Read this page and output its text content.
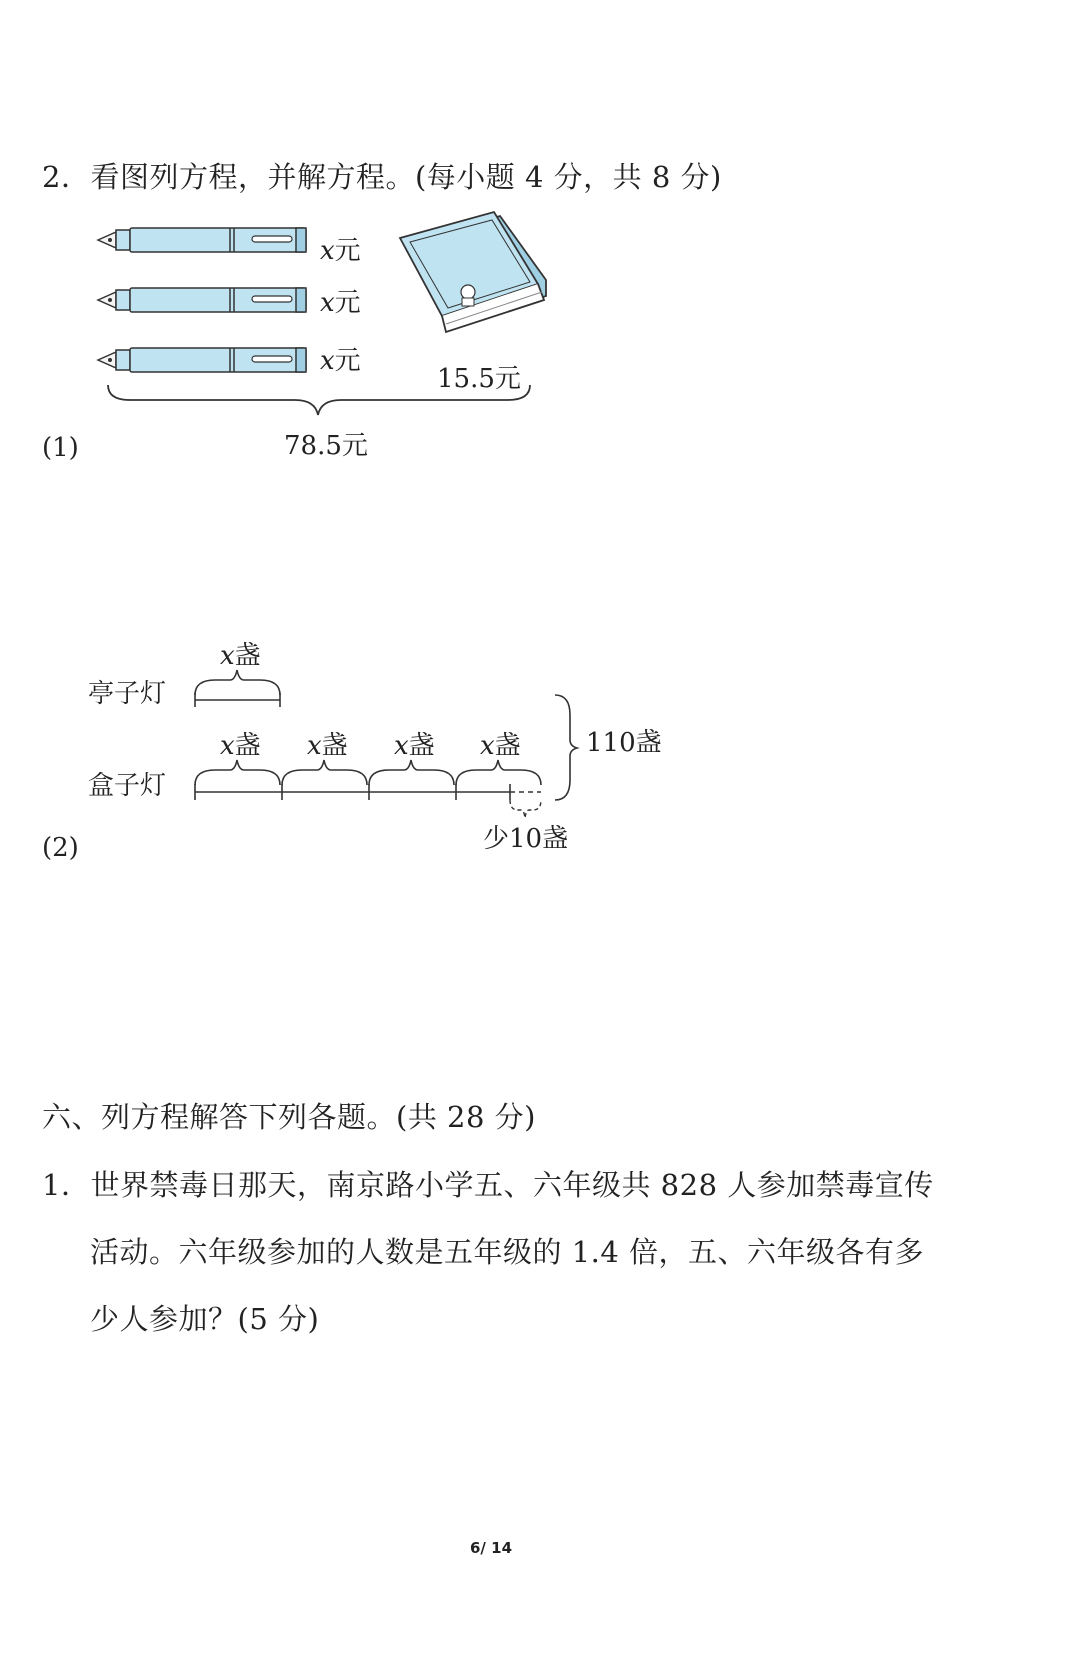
2．看图列方程，并解方程。(每小题 4 分，共 8 分)
x元
x元
x元
15.5元
78.5元
(1)
x盏
亭子灯
x盏 x盏 x盏 x盏
盒子灯
110盏
少10盏
(2)
六、列方程解答下列各题。(共 28 分)
1．世界禁毒日那天，南京路小学五、六年级共 828 人参加禁毒宣传
活动。六年级参加的人数是五年级的 1.4 倍，五、六年级各有多
少人参加？(5 分)
6/ 14
